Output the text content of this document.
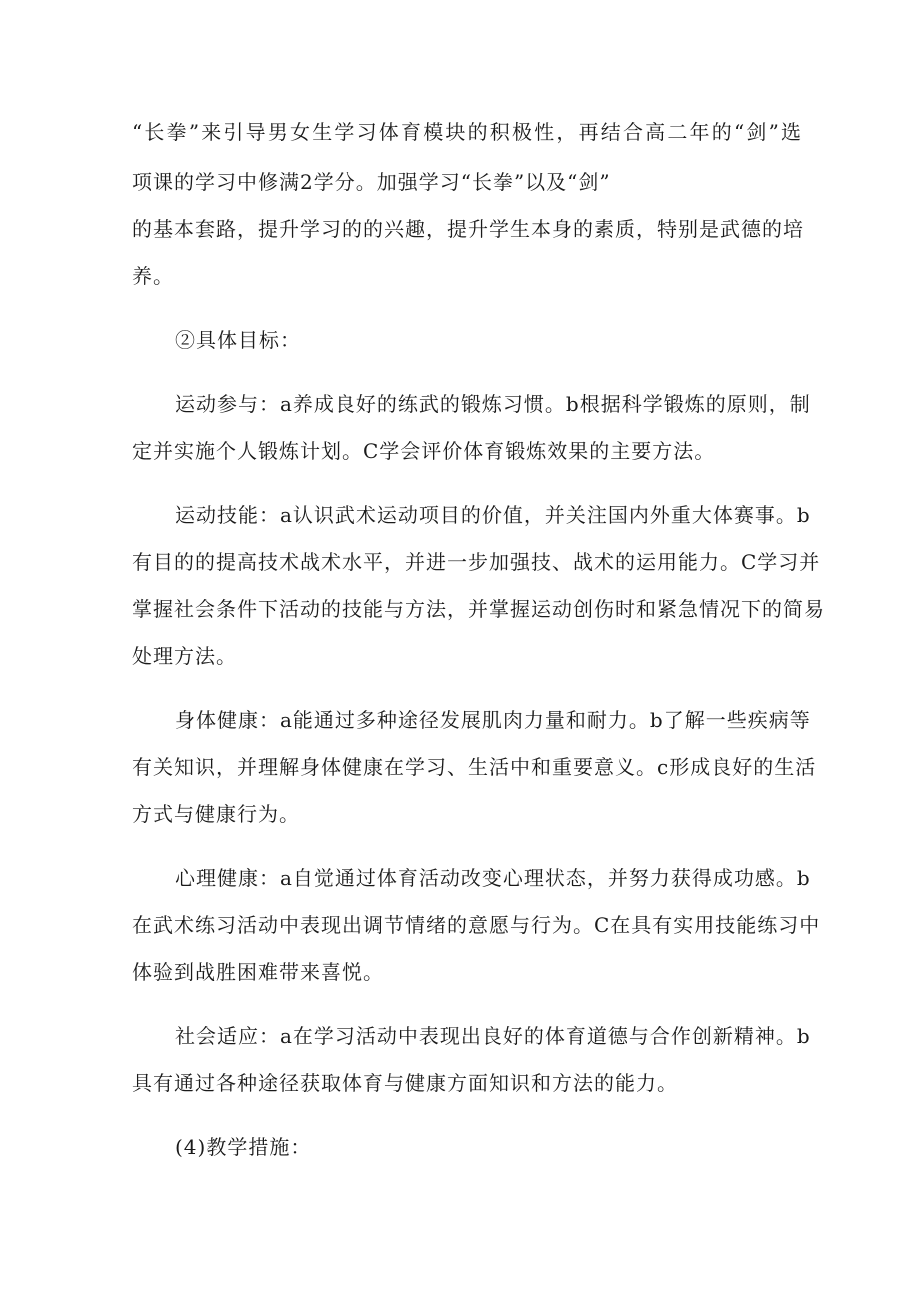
“长拳”来引导男女生学习体育模块的积极性，再结合高二年的“剑”选
项课的学习中修满2学分。加强学习“长拳”以及“剑”
的基本套路，提升学习的的兴趣，提升学生本身的素质，特别是武德的培
养。
②具体目标：
运动参与：a养成良好的练武的锻炼习惯。b根据科学锻炼的原则，制
定并实施个人锻炼计划。C学会评价体育锻炼效果的主要方法。
运动技能：a认识武术运动项目的价值，并关注国内外重大体赛事。b
有目的的提高技术战术水平，并进一步加强技、战术的运用能力。C学习并
掌握社会条件下活动的技能与方法，并掌握运动创伤时和紧急情况下的简易
处理方法。
身体健康：a能通过多种途径发展肌肉力量和耐力。b了解一些疾病等
有关知识，并理解身体健康在学习、生活中和重要意义。c形成良好的生活
方式与健康行为。
心理健康：a自觉通过体育活动改变心理状态，并努力获得成功感。b
在武术练习活动中表现出调节情绪的意愿与行为。C在具有实用技能练习中
体验到战胜困难带来喜悦。
社会适应：a在学习活动中表现出良好的体育道德与合作创新精神。b
具有通过各种途径获取体育与健康方面知识和方法的能力。
(4)教学措施：
